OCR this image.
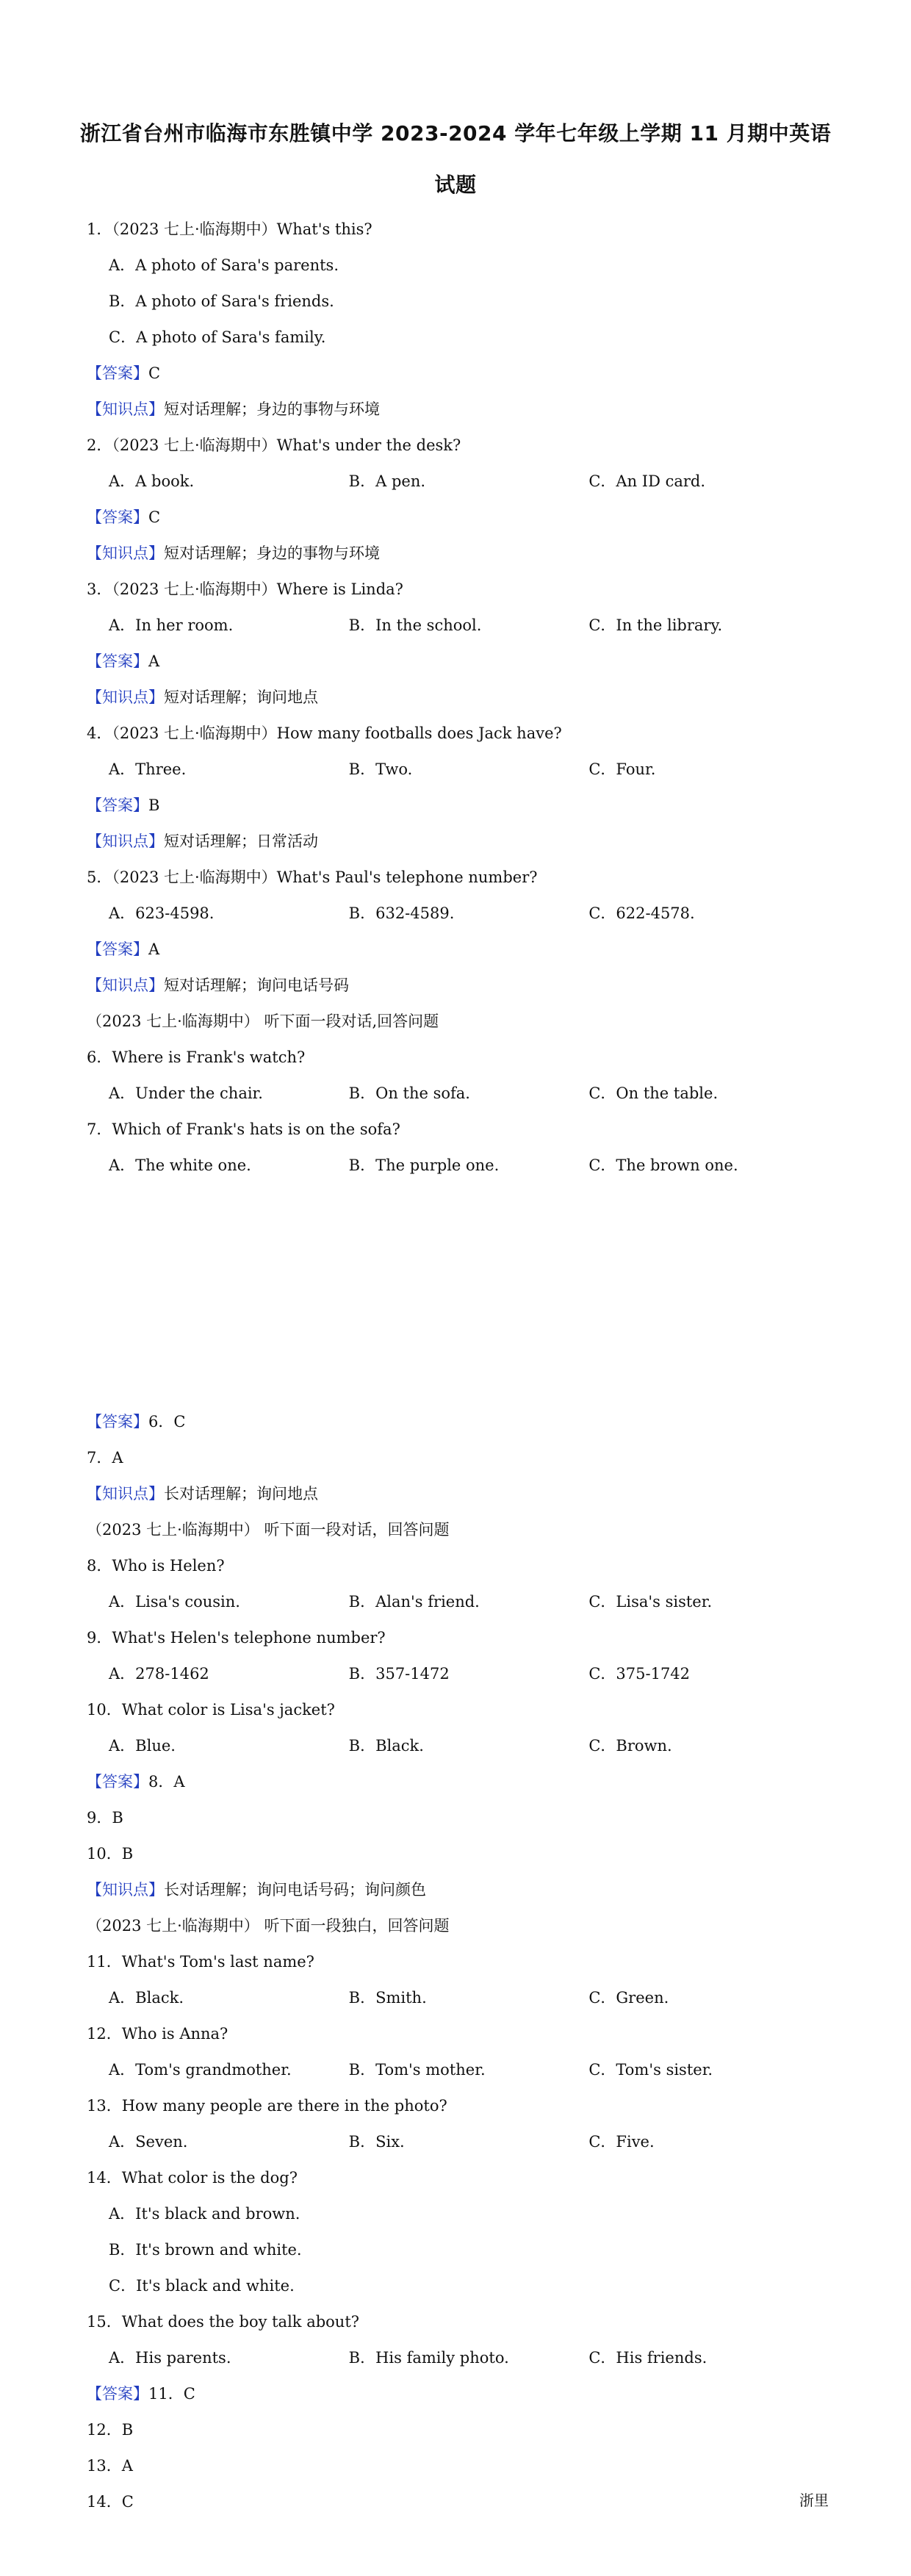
浙江省台州市临海市东胜镇中学 2023-2024 学年七年级上学期 11 月期中英语
试题
1．（2023 七上·临海期中）What's this?
A．A photo of Sara's parents.
B．A photo of Sara's friends.
C．A photo of Sara's family.
【答案】C
【知识点】短对话理解；身边的事物与环境
2．（2023 七上·临海期中）What's under the desk?
A．A book.	B．A pen.	C．An ID card.
【答案】C
【知识点】短对话理解；身边的事物与环境
3．（2023 七上·临海期中）Where is Linda?
A．In her room.	B．In the school.	C．In the library.
【答案】A
【知识点】短对话理解；询问地点
4．（2023 七上·临海期中）How many footballs does Jack have?
A．Three.	B．Two.	C．Four.
【答案】B
【知识点】短对话理解；日常活动
5．（2023 七上·临海期中）What's Paul's telephone number?
A．623-4598.	B．632-4589.	C．622-4578.
【答案】A
【知识点】短对话理解；询问电话号码
（2023 七上·临海期中） 听下面一段对话,回答问题
6．Where is Frank's watch?
A．Under the chair.	B．On the sofa.	C．On the table.
7．Which of Frank's hats is on the sofa?
A．The white one.	B．The purple one.	C．The brown one.
【答案】6．C
7．A
【知识点】长对话理解；询问地点
（2023 七上·临海期中） 听下面一段对话，回答问题
8．Who is Helen?
A．Lisa's cousin.	B．Alan's friend.	C．Lisa's sister.
9．What's Helen's telephone number?
A．278-1462	B．357-1472	C．375-1742
10．What color is Lisa's jacket?
A．Blue.	B．Black.	C．Brown.
【答案】8．A
9．B
10．B
【知识点】长对话理解；询问电话号码；询问颜色
（2023 七上·临海期中） 听下面一段独白，回答问题
11．What's Tom's last name?
A．Black.	B．Smith.	C．Green.
12．Who is Anna?
A．Tom's grandmother.	B．Tom's mother.	C．Tom's sister.
13．How many people are there in the photo?
A．Seven.	B．Six.	C．Five.
14．What color is the dog?
A．It's black and brown.
B．It's brown and white.
C．It's black and white.
15．What does the boy talk about?
A．His parents.	B．His family photo.	C．His friends.
【答案】11．C
12．B
13．A
14．C	浙里
